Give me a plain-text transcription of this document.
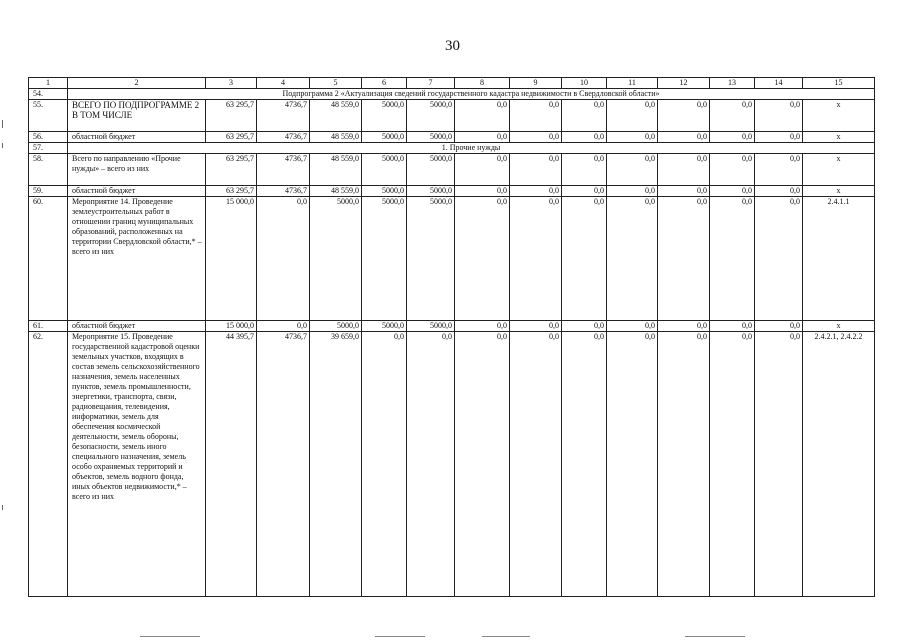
30
1	2	3	4	5	6	7	8	9	10	11	12	13	14	15
54.	Подпрограмма 2 «Актуализация сведений государственного кадастра недвижимости в Свердловской области»													
55.	ВСЕГО ПО ПОДПРОГРАММЕ 2 В ТОМ ЧИСЛЕ	63 295,7	4736,7	48 559,0	5000,0	5000,0	0,0	0,0	0,0	0,0	0,0	0,0	0,0	x
56.	областной бюджет	63 295,7	4736,7	48 559,0	5000,0	5000,0	0,0	0,0	0,0	0,0	0,0	0,0	0,0	x
57.	1. Прочие нужды													
58.	Всего по направлению «Прочие нужды» – всего из них	63 295,7	4736,7	48 559,0	5000,0	5000,0	0,0	0,0	0,0	0,0	0,0	0,0	0,0	x
59.	областной бюджет	63 295,7	4736,7	48 559,0	5000,0	5000,0	0,0	0,0	0,0	0,0	0,0	0,0	0,0	x
60.	Мероприятие 14. Проведение землеустроительных работ в отношении границ муниципальных образований, расположенных на территории Свердловской области,* – всего из них	15 000,0	0,0	5000,0	5000,0	5000,0	0,0	0,0	0,0	0,0	0,0	0,0	0,0	2.4.1.1
61.	областной бюджет	15 000,0	0,0	5000,0	5000,0	5000,0	0,0	0,0	0,0	0,0	0,0	0,0	0,0	x
62.	Мероприятие 15. Проведение государственной кадастровой оценки земельных участков, входящих в состав земель сельскохозяйственного назначения, земель населенных пунктов, земель промышленности, энергетики, транспорта, связи, радиовещания, телевидения, информатики, земель для обеспечения космической деятельности, земель обороны, безопасности, земель иного специального назначения, земель особо охраняемых территорий и объектов, земель водного фонда, иных объектов недвижимости,* – всего из них	44 395,7	4736,7	39 659,0	0,0	0,0	0,0	0,0	0,0	0,0	0,0	0,0	0,0	2.4.2.1, 2.4.2.2
